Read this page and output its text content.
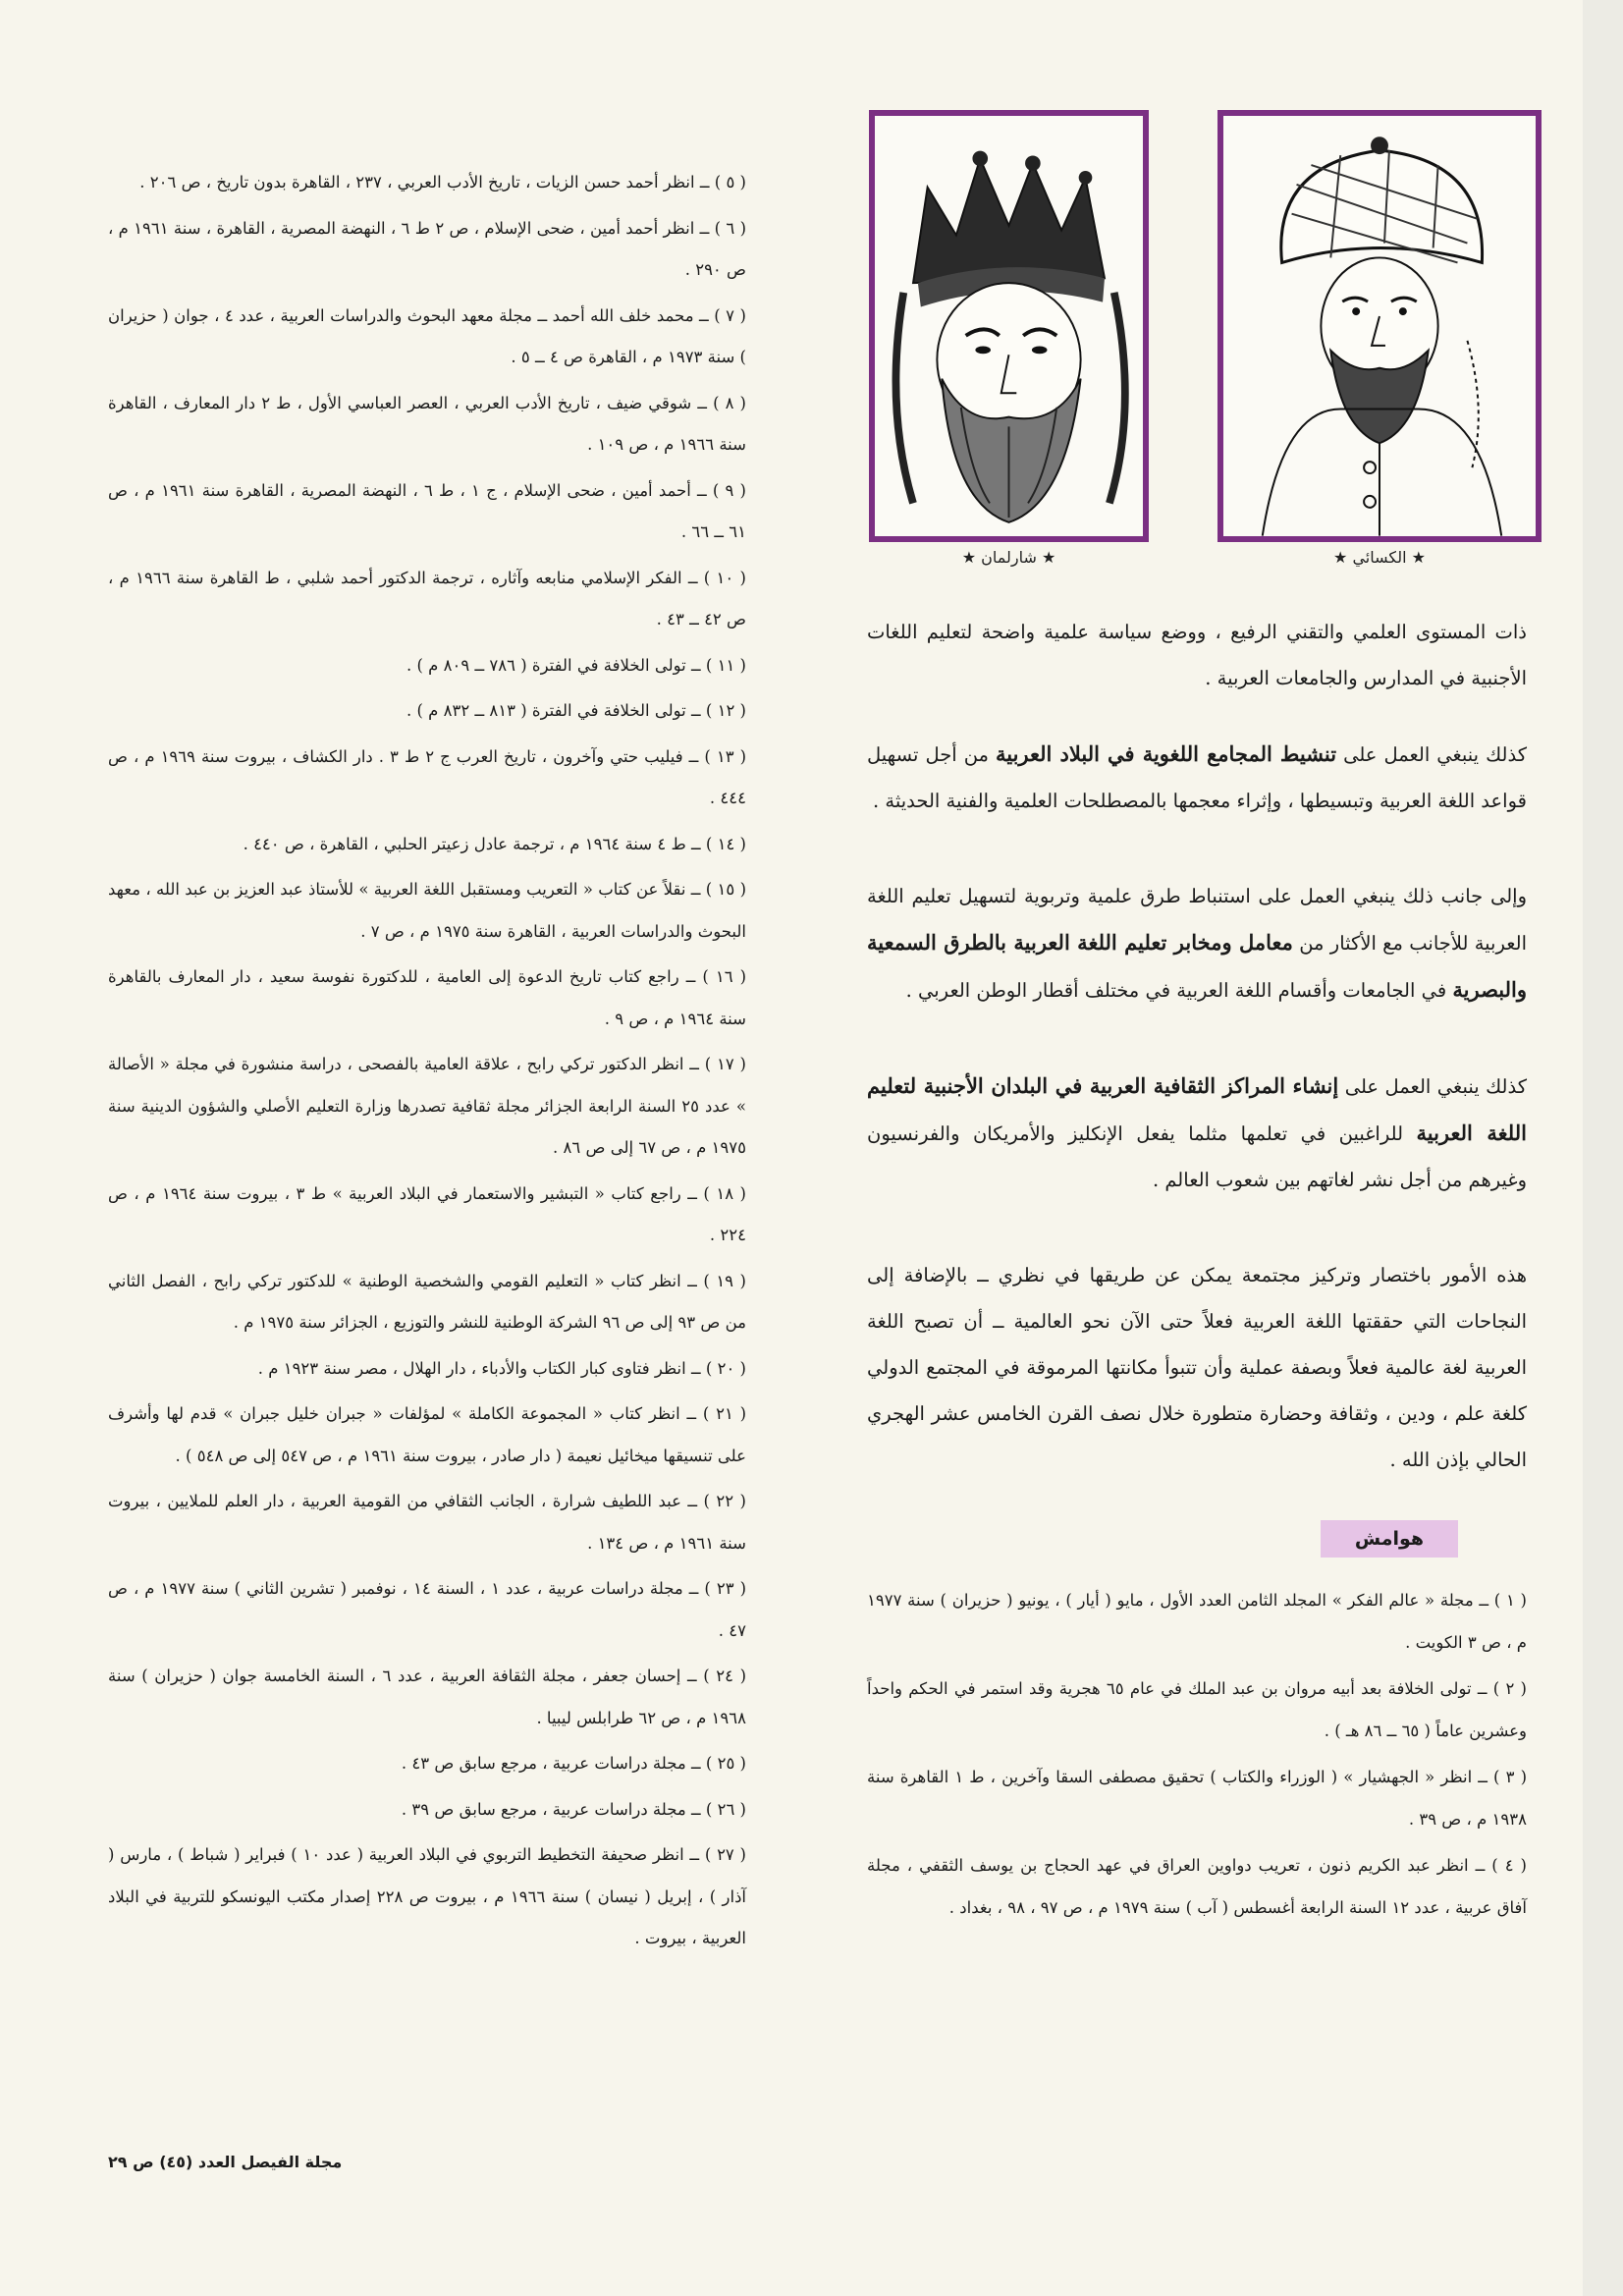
★ شارلمان ★	★ الكسائي ★

ذات المستوى العلمي والتقني الرفيع ، ووضع سياسة علمية واضحة لتعليم اللغات الأجنبية في المدارس والجامعات العربية .

كذلك ينبغي العمل على تنشيط المجامع اللغوية في البلاد العربية من أجل تسهيل قواعد اللغة العربية وتبسيطها ، وإثراء معجمها بالمصطلحات العلمية والفنية الحديثة .

وإلى جانب ذلك ينبغي العمل على استنباط طرق علمية وتربوية لتسهيل تعليم اللغة العربية للأجانب مع الأكثار من معامل ومخابر تعليم اللغة العربية بالطرق السمعية والبصرية في الجامعات وأقسام اللغة العربية في مختلف أقطار الوطن العربي .

كذلك ينبغي العمل على إنشاء المراكز الثقافية العربية في البلدان الأجنبية لتعليم اللغة العربية للراغبين في تعلمها مثلما يفعل الإنكليز والأمريكان والفرنسيون وغيرهم من أجل نشر لغاتهم بين شعوب العالم .

هذه الأمور باختصار وتركيز مجتمعة يمكن عن طريقها في نظري ــ بالإضافة إلى النجاحات التي حققتها اللغة العربية فعلاً حتى الآن نحو العالمية ــ أن تصبح اللغة العربية لغة عالمية فعلاً وبصفة عملية وأن تتبوأ مكانتها المرموقة في المجتمع الدولي كلغة علم ، ودين ، وثقافة وحضارة متطورة خلال نصف القرن الخامس عشر الهجري الحالي بإذن الله .

هوامش

( ١ ) ــ مجلة « عالم الفكر » المجلد الثامن العدد الأول ، مايو ( أيار ) ، يونيو ( حزيران ) سنة ١٩٧٧ م ، ص ٣ الكويت .

( ٢ ) ــ تولى الخلافة بعد أبيه مروان بن عبد الملك في عام ٦٥ هجرية وقد استمر في الحكم واحداً وعشرين عاماً ( ٦٥ ــ ٨٦ هـ ) .

( ٣ ) ــ انظر « الجهشيار » ( الوزراء والكتاب ) تحقيق مصطفى السقا وآخرين ، ط ١ القاهرة سنة ١٩٣٨ م ، ص ٣٩ .

( ٤ ) ــ انظر عبد الكريم ذنون ، تعريب دواوين العراق في عهد الحجاج بن يوسف الثقفي ، مجلة آفاق عربية ، عدد ١٢ السنة الرابعة أغسطس ( آب ) سنة ١٩٧٩ م ، ص ٩٧ ، ٩٨ ، بغداد .

( ٥ ) ــ انظر أحمد حسن الزيات ، تاريخ الأدب العربي ، ٢٣٧ ، القاهرة بدون تاريخ ، ص ٢٠٦ .

( ٦ ) ــ انظر أحمد أمين ، ضحى الإسلام ، ص ٢ ط ٦ ، النهضة المصرية ، القاهرة ، سنة ١٩٦١ م ، ص ٢٩٠ .

( ٧ ) ــ محمد خلف الله أحمد ــ مجلة معهد البحوث والدراسات العربية ، عدد ٤ ، جوان ( حزيران ) سنة ١٩٧٣ م ، القاهرة ص ٤ ــ ٥ .

( ٨ ) ــ شوقي ضيف ، تاريخ الأدب العربي ، العصر العباسي الأول ، ط ٢ دار المعارف ، القاهرة سنة ١٩٦٦ م ، ص ١٠٩ .

( ٩ ) ــ أحمد أمين ، ضحى الإسلام ، ج ١ ، ط ٦ ، النهضة المصرية ، القاهرة سنة ١٩٦١ م ، ص ٦١ ــ ٦٦ .

( ١٠ ) ــ الفكر الإسلامي منابعه وآثاره ، ترجمة الدكتور أحمد شلبي ، ط القاهرة سنة ١٩٦٦ م ، ص ٤٢ ــ ٤٣ .

( ١١ ) ــ تولى الخلافة في الفترة ( ٧٨٦ ــ ٨٠٩ م ) .

( ١٢ ) ــ تولى الخلافة في الفترة ( ٨١٣ ــ ٨٣٢ م ) .

( ١٣ ) ــ فيليب حتي وآخرون ، تاريخ العرب ج ٢ ط ٣ . دار الكشاف ، بيروت سنة ١٩٦٩ م ، ص ٤٤٤ .

( ١٤ ) ــ ط ٤ سنة ١٩٦٤ م ، ترجمة عادل زعيتر الحلبي ، القاهرة ، ص ٤٤٠ .

( ١٥ ) ــ نقلاً عن كتاب « التعريب ومستقبل اللغة العربية » للأستاذ عبد العزيز بن عبد الله ، معهد البحوث والدراسات العربية ، القاهرة سنة ١٩٧٥ م ، ص ٧ .

( ١٦ ) ــ راجع كتاب تاريخ الدعوة إلى العامية ، للدكتورة نفوسة سعيد ، دار المعارف بالقاهرة سنة ١٩٦٤ م ، ص ٩ .

( ١٧ ) ــ انظر الدكتور تركي رابح ، علاقة العامية بالفصحى ، دراسة منشورة في مجلة « الأصالة » عدد ٢٥ السنة الرابعة الجزائر مجلة ثقافية تصدرها وزارة التعليم الأصلي والشؤون الدينية سنة ١٩٧٥ م ، ص ٦٧ إلى ص ٨٦ .

( ١٨ ) ــ راجع كتاب « التبشير والاستعمار في البلاد العربية » ط ٣ ، بيروت سنة ١٩٦٤ م ، ص ٢٢٤ .

( ١٩ ) ــ انظر كتاب « التعليم القومي والشخصية الوطنية » للدكتور تركي رابح ، الفصل الثاني من ص ٩٣ إلى ص ٩٦ الشركة الوطنية للنشر والتوزيع ، الجزائر سنة ١٩٧٥ م .

( ٢٠ ) ــ انظر فتاوى كبار الكتاب والأدباء ، دار الهلال ، مصر سنة ١٩٢٣ م .

( ٢١ ) ــ انظر كتاب « المجموعة الكاملة » لمؤلفات « جبران خليل جبران » قدم لها وأشرف على تنسيقها ميخائيل نعيمة ( دار صادر ، بيروت سنة ١٩٦١ م ، ص ٥٤٧ إلى ص ٥٤٨ ) .

( ٢٢ ) ــ عبد اللطيف شرارة ، الجانب الثقافي من القومية العربية ، دار العلم للملايين ، بيروت سنة ١٩٦١ م ، ص ١٣٤ .

( ٢٣ ) ــ مجلة دراسات عربية ، عدد ١ ، السنة ١٤ ، نوفمبر ( تشرين الثاني ) سنة ١٩٧٧ م ، ص ٤٧ .

( ٢٤ ) ــ إحسان جعفر ، مجلة الثقافة العربية ، عدد ٦ ، السنة الخامسة جوان ( حزيران ) سنة ١٩٦٨ م ، ص ٦٢ طرابلس ليبيا .

( ٢٥ ) ــ مجلة دراسات عربية ، مرجع سابق ص ٤٣ .

( ٢٦ ) ــ مجلة دراسات عربية ، مرجع سابق ص ٣٩ .

( ٢٧ ) ــ انظر صحيفة التخطيط التربوي في البلاد العربية ( عدد ١٠ ) فبراير ( شباط ) ، مارس ( آذار ) ، إبريل ( نيسان ) سنة ١٩٦٦ م ، بيروت ص ٢٢٨ إصدار مكتب اليونسكو للتربية في البلاد العربية ، بيروت .

مجلة الفيصل العدد (٤٥) ص ٢٩
